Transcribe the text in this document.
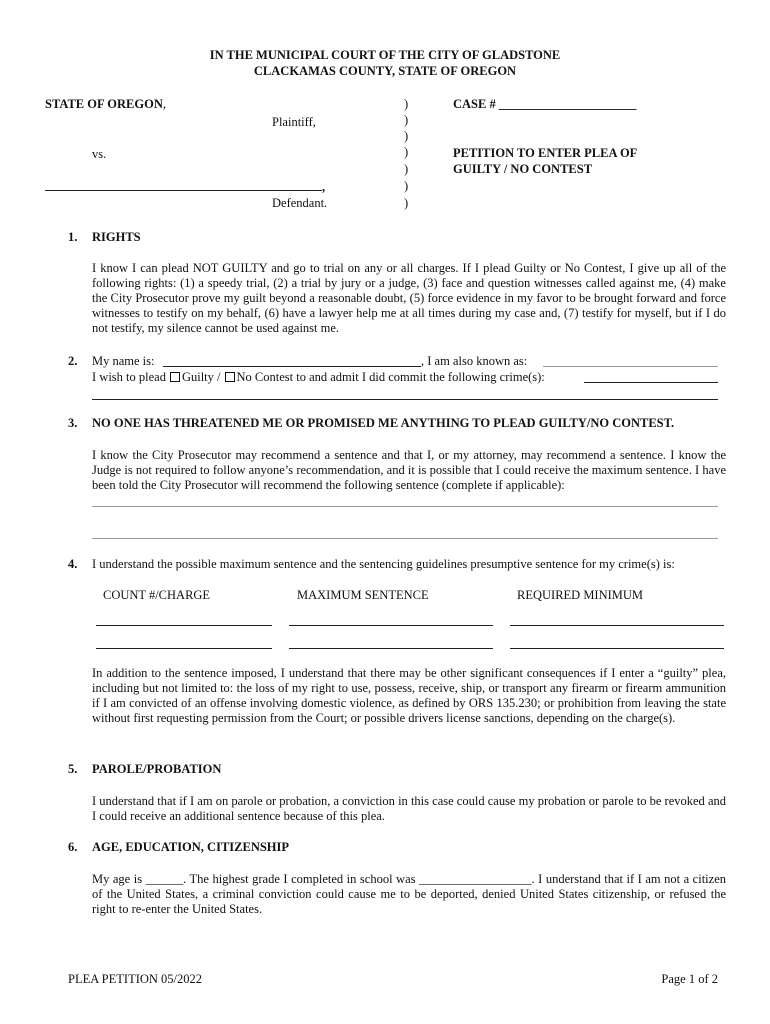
IN THE MUNICIPAL COURT OF THE CITY OF GLADSTONE
CLACKAMAS COUNTY, STATE OF OREGON
STATE OF OREGON,
Plaintiff,
vs.
,
Defendant.
)
)
)
)
)
)
)
CASE # ______________________
PETITION TO ENTER PLEA OF
GUILTY / NO CONTEST
1. RIGHTS
I know I can plead NOT GUILTY and go to trial on any or all charges. If I plead Guilty or No Contest, I give up all of the following rights: (1) a speedy trial, (2) a trial by jury or a judge, (3) face and question witnesses called against me, (4) make the City Prosecutor prove my guilt beyond a reasonable doubt, (5) force evidence in my favor to be brought forward and force witnesses to testify on my behalf, (6) have a lawyer help me at all times during my case and, (7) testify for myself, but if I do not testify, my silence cannot be used against me.
2. My name is:	, I am also known as:
I wish to plead Guilty / No Contest to and admit I did commit the following crime(s):
3. NO ONE HAS THREATENED ME OR PROMISED ME ANYTHING TO PLEAD GUILTY/NO CONTEST.
I know the City Prosecutor may recommend a sentence and that I, or my attorney, may recommend a sentence. I know the Judge is not required to follow anyone’s recommendation, and it is possible that I could receive the maximum sentence. I have been told the City Prosecutor will recommend the following sentence (complete if applicable):
4. I understand the possible maximum sentence and the sentencing guidelines presumptive sentence for my crime(s) is:
COUNT #/CHARGE	MAXIMUM SENTENCE	REQUIRED MINIMUM
In addition to the sentence imposed, I understand that there may be other significant consequences if I enter a “guilty” plea, including but not limited to: the loss of my right to use, possess, receive, ship, or transport any firearm or firearm ammunition if I am convicted of an offense involving domestic violence, as defined by ORS 135.230; or prohibition from leaving the state without first requesting permission from the Court; or possible drivers license sanctions, depending on the charge(s).
5. PAROLE/PROBATION
I understand that if I am on parole or probation, a conviction in this case could cause my probation or parole to be revoked and I could receive an additional sentence because of this plea.
6. AGE, EDUCATION, CITIZENSHIP
My age is ______. The highest grade I completed in school was __________________. I understand that if I am not a citizen of the United States, a criminal conviction could cause me to be deported, denied United States citizenship, or refused the right to re-enter the United States.
PLEA PETITION 05/2022	Page 1 of 2
